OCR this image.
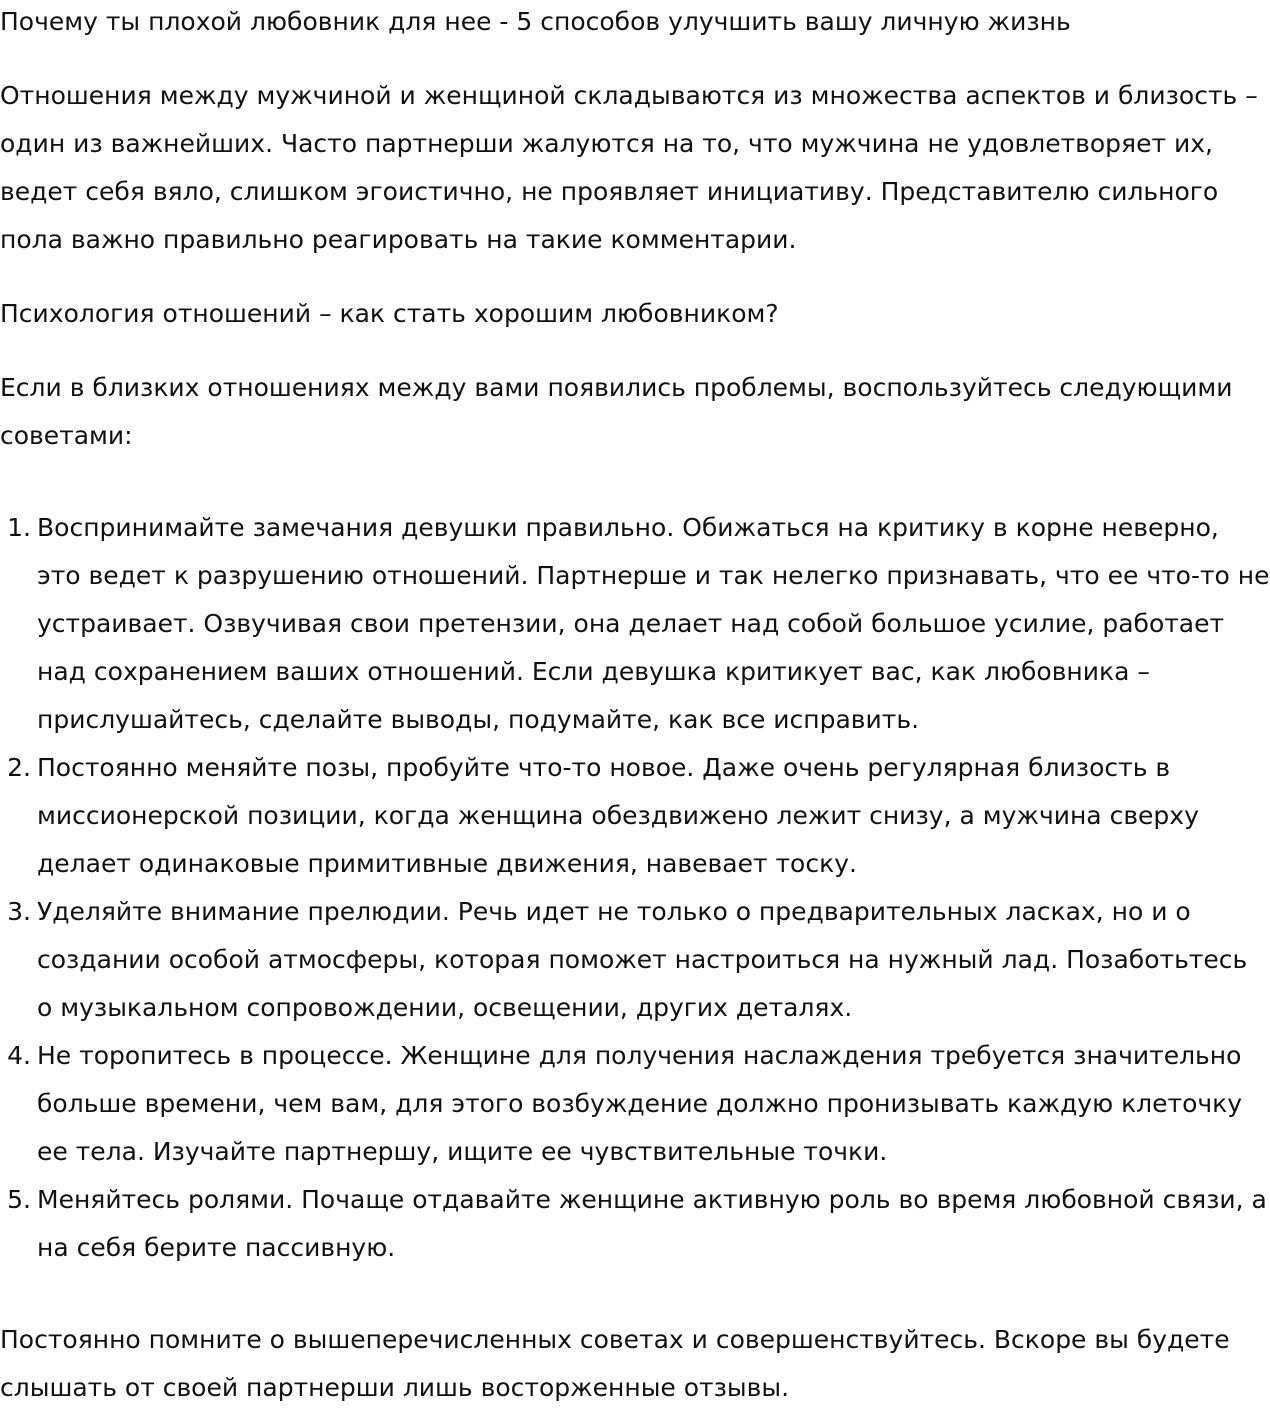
Почему ты плохой любовник для нее - 5 способов улучшить вашу личную жизнь

Отношения между мужчиной и женщиной складываются из множества аспектов и близость – один из важнейших. Часто партнерши жалуются на то, что мужчина не удовлетворяет их, ведет себя вяло, слишком эгоистично, не проявляет инициативу. Представителю сильного пола важно правильно реагировать на такие комментарии.

Психология отношений – как стать хорошим любовником?

Если в близких отношениях между вами появились проблемы, воспользуйтесь следующими советами:

1. Воспринимайте замечания девушки правильно. Обижаться на критику в корне неверно, это ведет к разрушению отношений. Партнерше и так нелегко признавать, что ее что-то не устраивает. Озвучивая свои претензии, она делает над собой большое усилие, работает над сохранением ваших отношений. Если девушка критикует вас, как любовника – прислушайтесь, сделайте выводы, подумайте, как все исправить.
2. Постоянно меняйте позы, пробуйте что-то новое. Даже очень регулярная близость в миссионерской позиции, когда женщина обездвижено лежит снизу, а мужчина сверху делает одинаковые примитивные движения, навевает тоску.
3. Уделяйте внимание прелюдии. Речь идет не только о предварительных ласках, но и о создании особой атмосферы, которая поможет настроиться на нужный лад. Позаботьтесь о музыкальном сопровождении, освещении, других деталях.
4. Не торопитесь в процессе. Женщине для получения наслаждения требуется значительно больше времени, чем вам, для этого возбуждение должно пронизывать каждую клеточку ее тела. Изучайте партнершу, ищите ее чувствительные точки.
5. Меняйтесь ролями. Почаще отдавайте женщине активную роль во время любовной связи, а на себя берите пассивную.

Постоянно помните о вышеперечисленных советах и совершенствуйтесь. Вскоре вы будете слышать от своей партнерши лишь восторженные отзывы.
